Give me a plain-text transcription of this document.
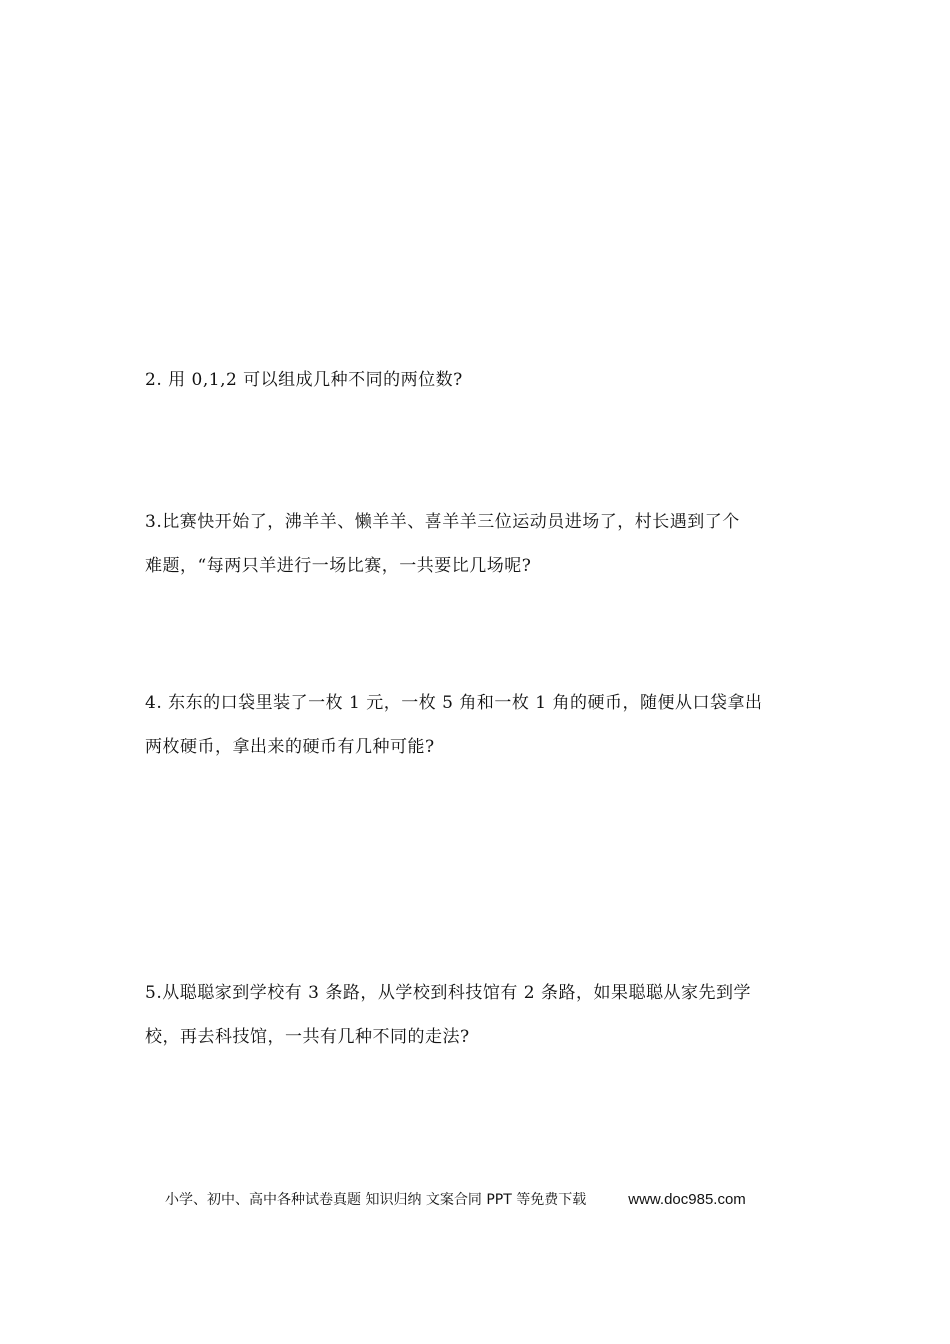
2. 用 0,1,2 可以组成几种不同的两位数?
3.比赛快开始了，沸羊羊、懒羊羊、喜羊羊三位运动员进场了，村长遇到了个
难题，“每两只羊进行一场比赛，一共要比几场呢?
4. 东东的口袋里装了一枚 1 元，一枚 5 角和一枚 1 角的硬币，随便从口袋拿出
两枚硬币，拿出来的硬币有几种可能?
5.从聪聪家到学校有 3 条路，从学校到科技馆有 2 条路，如果聪聪从家先到学
校，再去科技馆，一共有几种不同的走法?
小学、初中、高中各种试卷真题 知识归纳 文案合同 PPT 等免费下载	www.doc985.com
